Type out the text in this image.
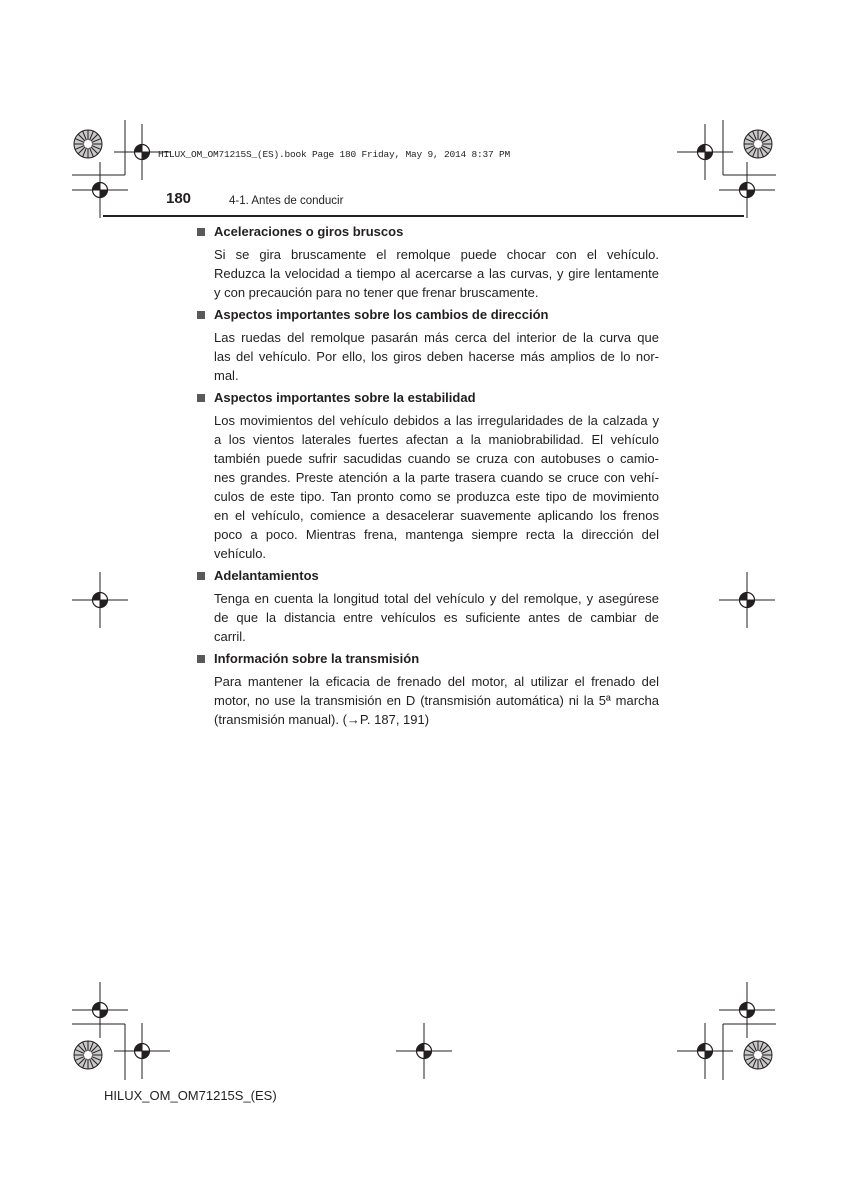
HILUX_OM_OM71215S_(ES).book Page 180 Friday, May 9, 2014 8:37 PM
180	4-1. Antes de conducir
Aceleraciones o giros bruscos
Si se gira bruscamente el remolque puede chocar con el vehículo.
Reduzca la velocidad a tiempo al acercarse a las curvas, y gire lentamente
y con precaución para no tener que frenar bruscamente.
Aspectos importantes sobre los cambios de dirección
Las ruedas del remolque pasarán más cerca del interior de la curva que
las del vehículo. Por ello, los giros deben hacerse más amplios de lo nor-
mal.
Aspectos importantes sobre la estabilidad
Los movimientos del vehículo debidos a las irregularidades de la calzada y
a los vientos laterales fuertes afectan a la maniobrabilidad. El vehículo
también puede sufrir sacudidas cuando se cruza con autobuses o camio-
nes grandes. Preste atención a la parte trasera cuando se cruce con vehí-
culos de este tipo. Tan pronto como se produzca este tipo de movimiento
en el vehículo, comience a desacelerar suavemente aplicando los frenos
poco a poco. Mientras frena, mantenga siempre recta la dirección del
vehículo.
Adelantamientos
Tenga en cuenta la longitud total del vehículo y del remolque, y asegúrese
de que la distancia entre vehículos es suficiente antes de cambiar de
carril.
Información sobre la transmisión
Para mantener la eficacia de frenado del motor, al utilizar el frenado del
motor, no use la transmisión en D (transmisión automática) ni la 5ª marcha
(transmisión manual). (→P. 187, 191)
HILUX_OM_OM71215S_(ES)
